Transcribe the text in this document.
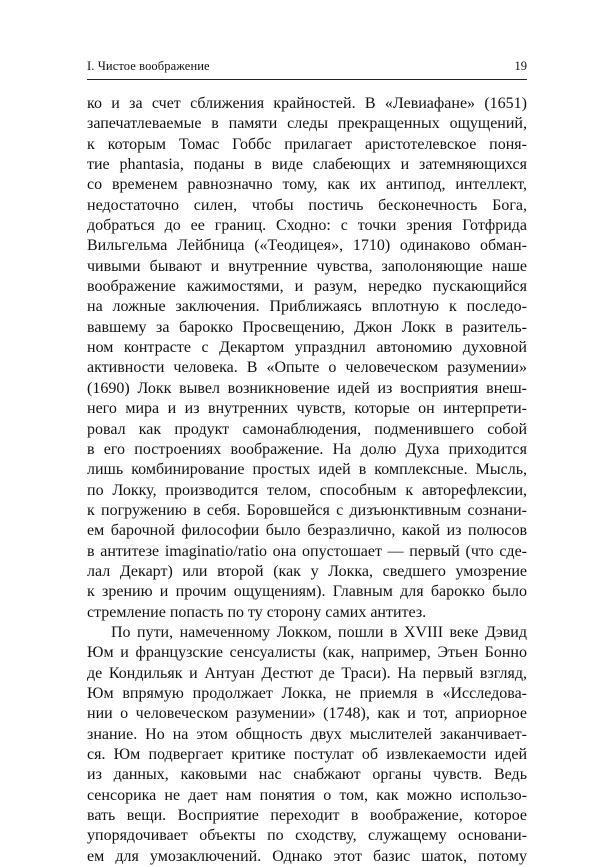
I. Чистое воображение	19
ко и за счет сближения крайностей. В «Левиафане» (1651)
запечатлеваемые в памяти следы прекращенных ощущений,
к которым Томас Гоббс прилагает аристотелевское поня-
тие phantasia, поданы в виде слабеющих и затемняющихся
со временем равнозначно тому, как их антипод, интеллект,
недостаточно силен, чтобы постичь бесконечность Бога,
добраться до ее границ. Сходно: с точки зрения Готфрида
Вильгельма Лейбница («Теодицея», 1710) одинаково обман-
чивыми бывают и внутренние чувства, заполоняющие наше
воображение кажимостями, и разум, нередко пускающийся
на ложные заключения. Приближаясь вплотную к последо-
вавшему за барокко Просвещению, Джон Локк в разитель-
ном контрасте с Декартом упразднил автономию духовной
активности человека. В «Опыте о человеческом разумении»
(1690) Локк вывел возникновение идей из восприятия внеш-
него мира и из внутренних чувств, которые он интерпрети-
ровал как продукт самонаблюдения, подменившего собой
в его построениях воображение. На долю Духа приходится
лишь комбинирование простых идей в комплексные. Мысль,
по Локку, производится телом, способным к авторефлексии,
к погружению в себя. Боровшейся с дизъюнктивным сознани-
ем барочной философии было безразлично, какой из полюсов
в антитезе imaginatio/ratio она опустошает — первый (что сде-
лал Декарт) или второй (как у Локка, сведшего умозрение
к зрению и прочим ощущениям). Главным для барокко было
стремление попасть по ту сторону самих антитез.
По пути, намеченному Локком, пошли в XVIII веке Дэвид
Юм и французские сенсуалисты (как, например, Этьен Бонно
де Кондильяк и Антуан Дестют де Траси). На первый взгляд,
Юм впрямую продолжает Локка, не приемля в «Исследова-
нии о человеческом разумении» (1748), как и тот, априорное
знание. Но на этом общность двух мыслителей заканчивает-
ся. Юм подвергает критике постулат об извлекаемости идей
из данных, каковыми нас снабжают органы чувств. Ведь
сенсорика не дает нам понятия о том, как можно использо-
вать вещи. Восприятие переходит в воображение, которое
упорядочивает объекты по сходству, служащему основани-
ем для умозаключений. Однако этот базис шаток, потому
